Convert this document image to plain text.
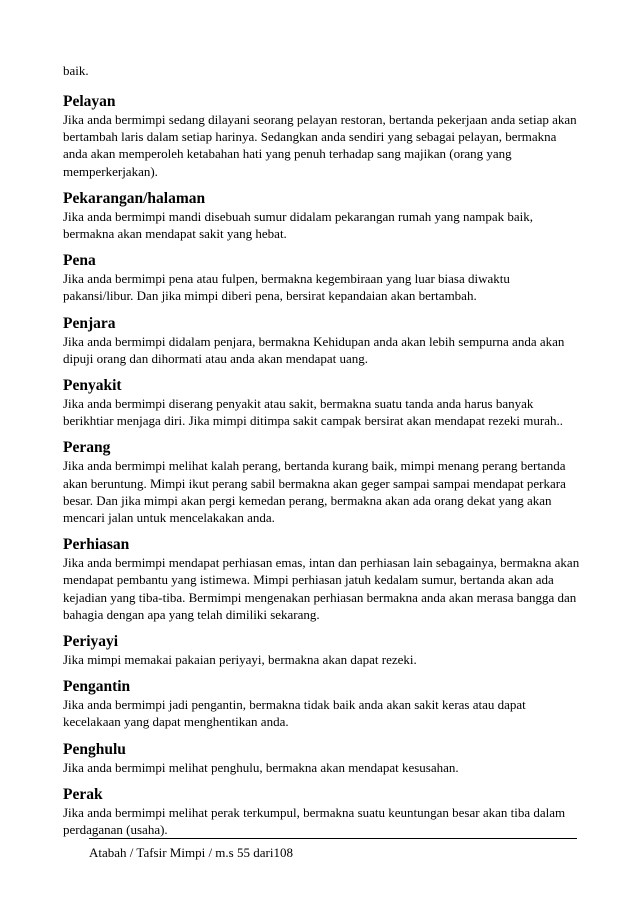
baik.

Pelayan

Jika anda bermimpi sedang dilayani seorang pelayan restoran, bertanda pekerjaan anda setiap akan bertambah laris dalam setiap harinya. Sedangkan anda sendiri yang sebagai pelayan, bermakna anda akan memperoleh ketabahan hati yang penuh terhadap sang majikan (orang yang memperkerjakan).

Pekarangan/halaman

Jika anda bermimpi mandi disebuah sumur didalam pekarangan rumah yang nampak baik, bermakna akan mendapat sakit yang hebat.

Pena

Jika anda bermimpi pena atau fulpen, bermakna kegembiraan yang luar biasa diwaktu pakansi/libur. Dan jika mimpi diberi pena, bersirat kepandaian akan bertambah.

Penjara

Jika anda bermimpi didalam penjara, bermakna Kehidupan anda akan lebih sempurna anda akan dipuji orang dan dihormati atau anda akan mendapat uang.

Penyakit

Jika anda bermimpi diserang penyakit atau sakit, bermakna suatu tanda anda harus banyak berikhtiar menjaga diri. Jika mimpi ditimpa sakit campak bersirat akan mendapat rezeki murah..

Perang

Jika anda bermimpi melihat kalah perang, bertanda kurang baik, mimpi menang perang bertanda akan beruntung. Mimpi ikut perang sabil bermakna akan geger sampai sampai mendapat perkara besar. Dan jika mimpi akan pergi kemedan perang, bermakna akan ada orang dekat yang akan mencari jalan untuk mencelakakan anda.

Perhiasan

Jika anda bermimpi mendapat perhiasan emas, intan dan perhiasan lain sebagainya, bermakna akan mendapat pembantu yang istimewa. Mimpi perhiasan jatuh kedalam sumur, bertanda akan ada kejadian yang tiba-tiba. Bermimpi mengenakan perhiasan bermakna anda akan merasa bangga dan bahagia dengan apa yang telah dimiliki sekarang.

Periyayi

Jika mimpi memakai pakaian periyayi, bermakna akan dapat rezeki.

Pengantin

Jika anda bermimpi jadi pengantin, bermakna tidak baik anda akan sakit keras atau dapat kecelakaan yang dapat menghentikan anda.

Penghulu

Jika anda bermimpi melihat penghulu, bermakna akan mendapat kesusahan.

Perak

Jika anda bermimpi melihat perak terkumpul, bermakna suatu keuntungan besar akan tiba dalam perdaganan (usaha).

Atabah / Tafsir Mimpi / m.s 55 dari108
